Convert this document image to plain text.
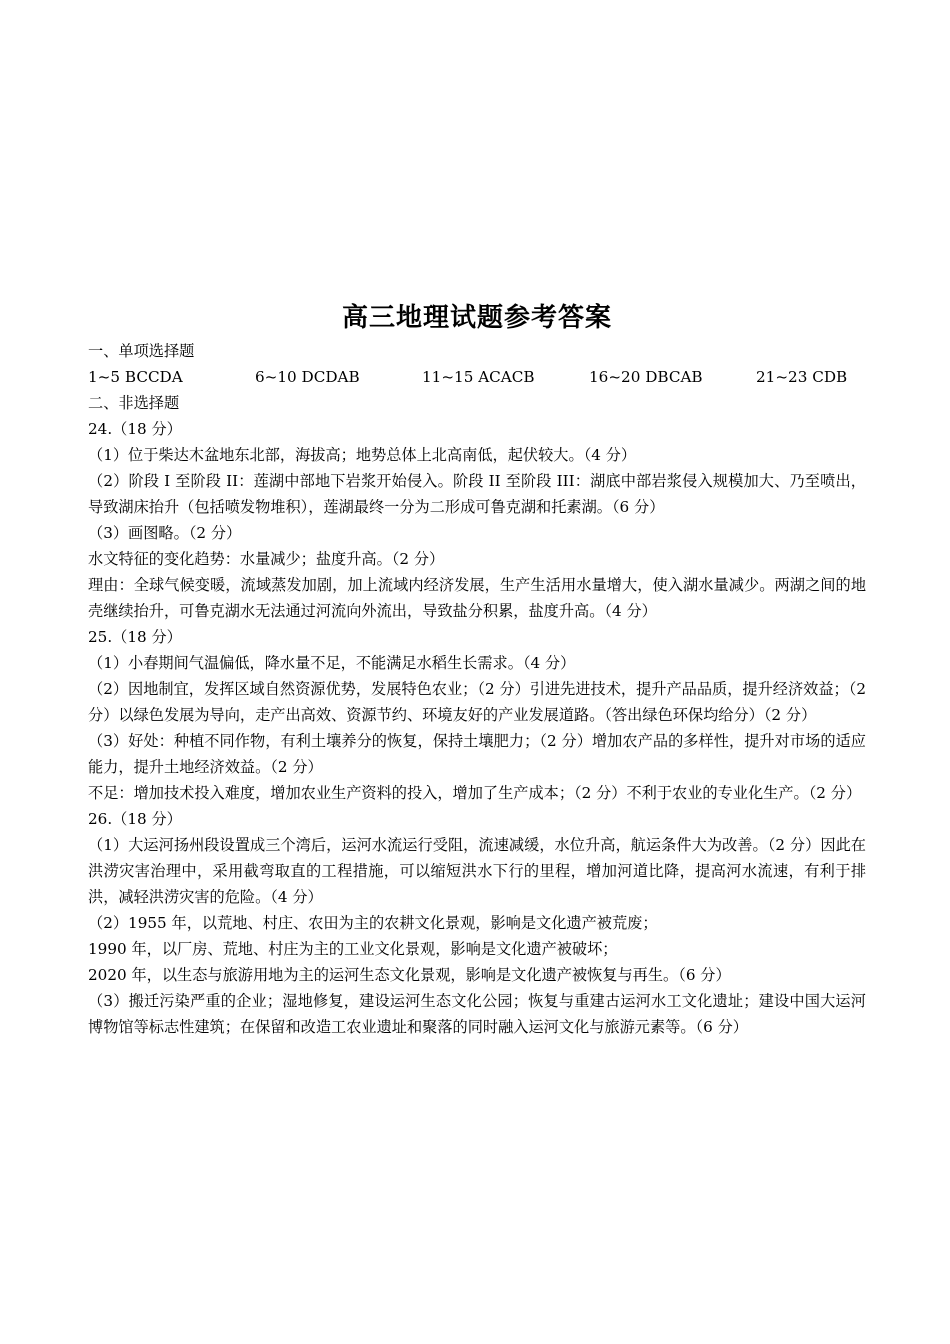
高三地理试题参考答案
一、单项选择题
1~5 BCCDA	6~10 DCDAB	11~15 ACACB	16~20 DBCAB	21~23 CDB
二、非选择题
24.（18 分）
（1）位于柴达木盆地东北部，海拔高；地势总体上北高南低，起伏较大。（4 分）
（2）阶段 I 至阶段 II：莲湖中部地下岩浆开始侵入。阶段 II 至阶段 III：湖底中部岩浆侵入规模加大、乃至喷出，导致湖床抬升（包括喷发物堆积），莲湖最终一分为二形成可鲁克湖和托素湖。（6 分）
（3）画图略。（2 分）
水文特征的变化趋势：水量减少；盐度升高。（2 分）
理由：全球气候变暖，流域蒸发加剧，加上流域内经济发展，生产生活用水量增大，使入湖水量减少。两湖之间的地壳继续抬升，可鲁克湖水无法通过河流向外流出，导致盐分积累，盐度升高。（4 分）
25.（18 分）
（1）小春期间气温偏低，降水量不足，不能满足水稻生长需求。（4 分）
（2）因地制宜，发挥区域自然资源优势，发展特色农业；（2 分）引进先进技术，提升产品品质，提升经济效益；（2 分）以绿色发展为导向，走产出高效、资源节约、环境友好的产业发展道路。（答出绿色环保均给分）（2 分）
（3）好处：种植不同作物，有利土壤养分的恢复，保持土壤肥力；（2 分）增加农产品的多样性，提升对市场的适应能力，提升土地经济效益。（2 分）
不足：增加技术投入难度，增加农业生产资料的投入，增加了生产成本；（2 分）不利于农业的专业化生产。（2 分）
26.（18 分）
（1）大运河扬州段设置成三个湾后，运河水流运行受阻，流速减缓，水位升高，航运条件大为改善。（2 分）因此在洪涝灾害治理中，采用截弯取直的工程措施，可以缩短洪水下行的里程，增加河道比降，提高河水流速，有利于排洪，减轻洪涝灾害的危险。（4 分）
（2）1955 年，以荒地、村庄、农田为主的农耕文化景观，影响是文化遗产被荒废；
1990 年，以厂房、荒地、村庄为主的工业文化景观，影响是文化遗产被破坏；
2020 年，以生态与旅游用地为主的运河生态文化景观，影响是文化遗产被恢复与再生。（6 分）
（3）搬迁污染严重的企业；湿地修复，建设运河生态文化公园；恢复与重建古运河水工文化遗址；建设中国大运河博物馆等标志性建筑；在保留和改造工农业遗址和聚落的同时融入运河文化与旅游元素等。（6 分）
